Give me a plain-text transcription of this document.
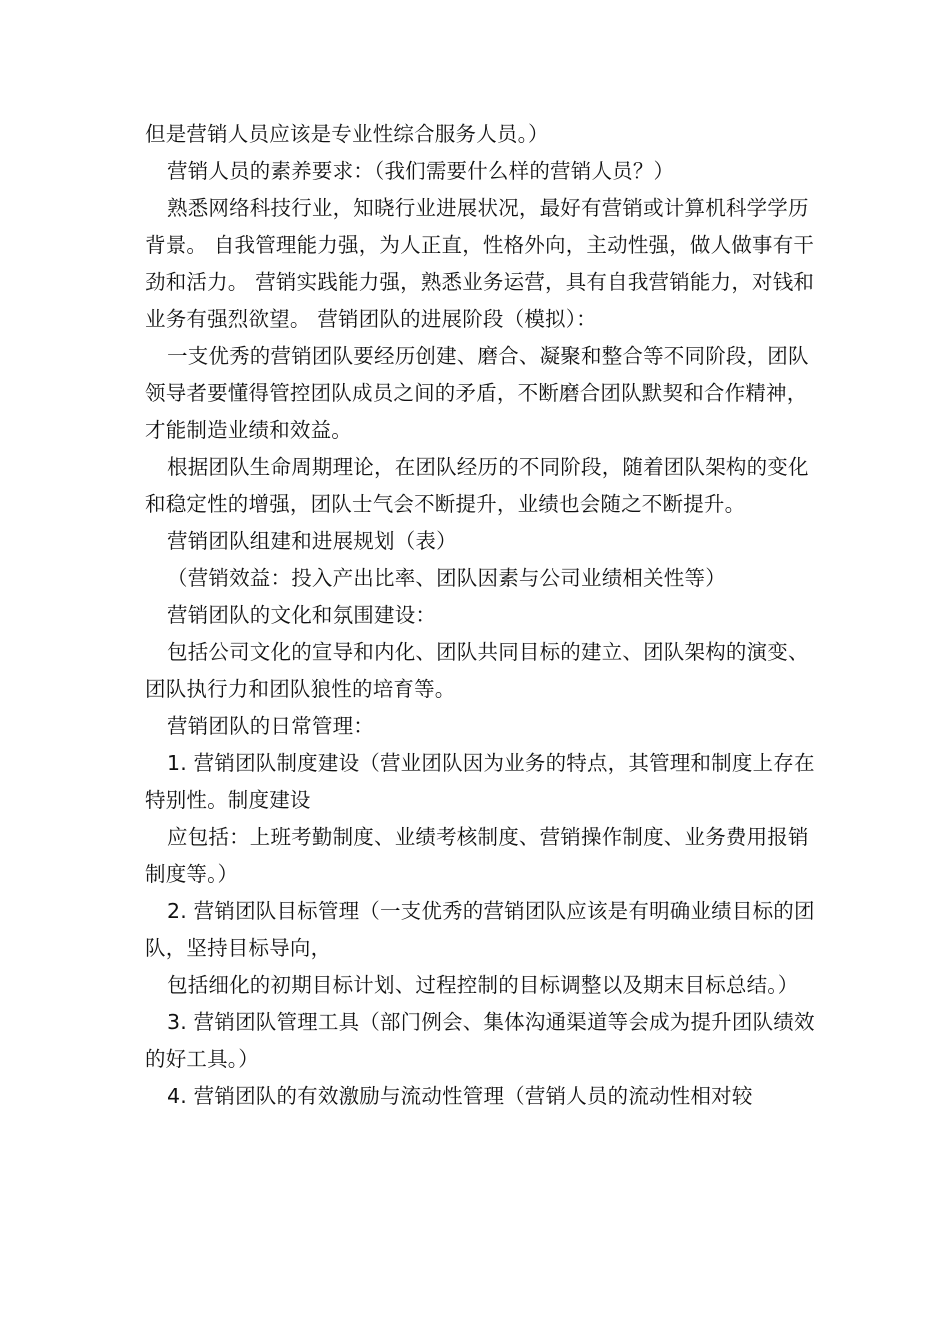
但是营销人员应该是专业性综合服务人员。）

营销人员的素养要求：（我们需要什么样的营销人员？）

熟悉网络科技行业，知晓行业进展状况，最好有营销或计算机科学学历背景。 自我管理能力强，为人正直，性格外向，主动性强，做人做事有干劲和活力。 营销实践能力强，熟悉业务运营，具有自我营销能力，对钱和业务有强烈欲望。 营销团队的进展阶段（模拟）：

一支优秀的营销团队要经历创建、磨合、凝聚和整合等不同阶段，团队领导者要懂得管控团队成员之间的矛盾，不断磨合团队默契和合作精神，才能制造业绩和效益。

根据团队生命周期理论，在团队经历的不同阶段，随着团队架构的变化和稳定性的增强，团队士气会不断提升，业绩也会随之不断提升。

营销团队组建和进展规划（表）

（营销效益：投入产出比率、团队因素与公司业绩相关性等）

营销团队的文化和氛围建设：

包括公司文化的宣导和内化、团队共同目标的建立、团队架构的演变、团队执行力和团队狼性的培育等。

营销团队的日常管理：

1. 营销团队制度建设（营业团队因为业务的特点，其管理和制度上存在特别性。制度建设

应包括：上班考勤制度、业绩考核制度、营销操作制度、业务费用报销制度等。）

2. 营销团队目标管理（一支优秀的营销团队应该是有明确业绩目标的团队，坚持目标导向，

包括细化的初期目标计划、过程控制的目标调整以及期末目标总结。）

3. 营销团队管理工具（部门例会、集体沟通渠道等会成为提升团队绩效的好工具。）

4. 营销团队的有效激励与流动性管理（营销人员的流动性相对较
